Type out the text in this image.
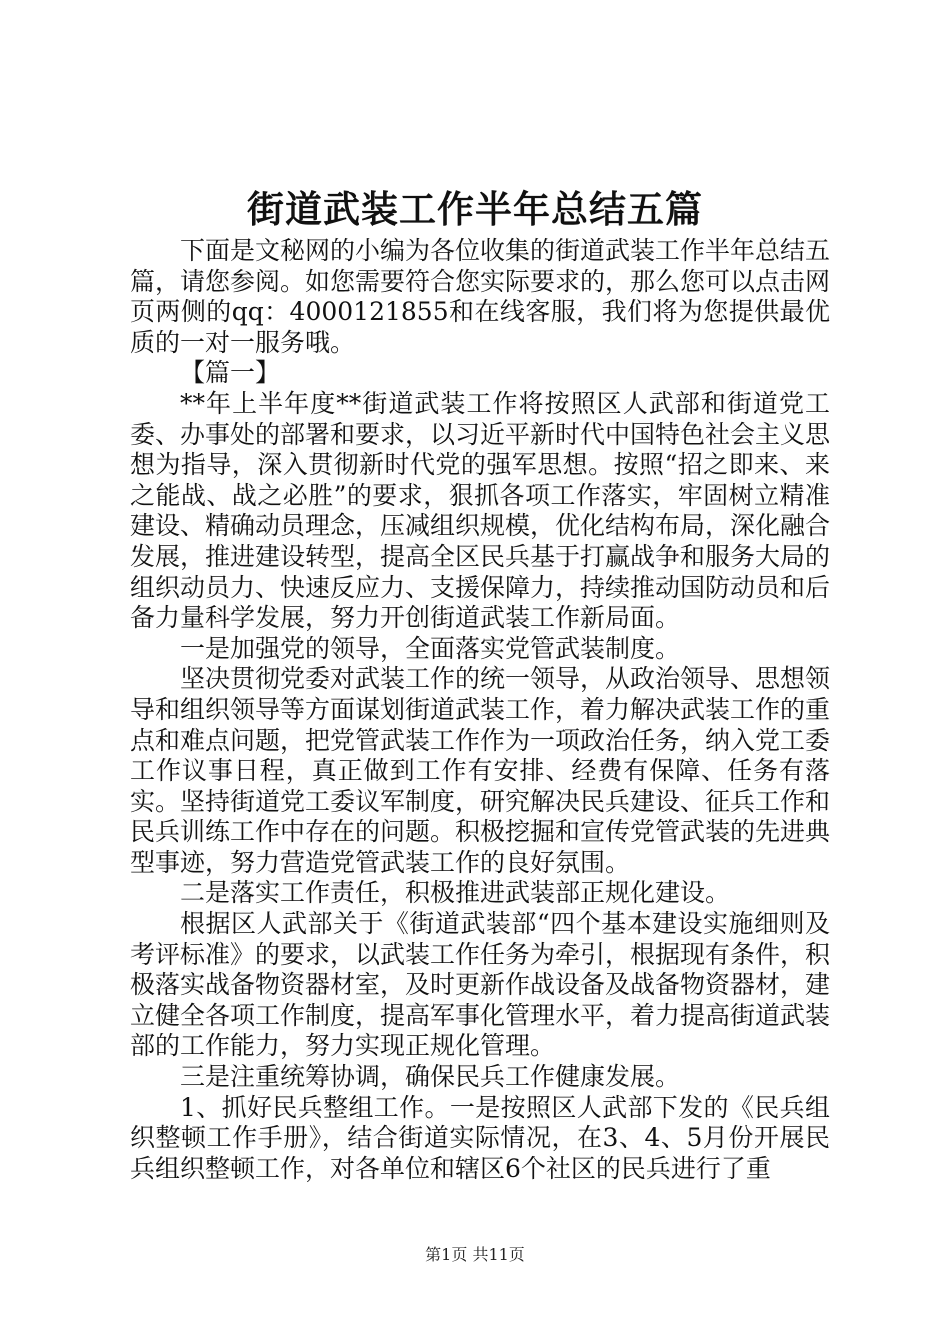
街道武装工作半年总结五篇

下面是文秘网的小编为各位收集的街道武装工作半年总结五篇，请您参阅。如您需要符合您实际要求的，那么您可以点击网页两侧的qq：4000121855和在线客服，我们将为您提供最优质的一对一服务哦。

【篇一】

**年上半年度**街道武装工作将按照区人武部和街道党工委、办事处的部署和要求，以习近平新时代中国特色社会主义思想为指导，深入贯彻新时代党的强军思想。按照“招之即来、来之能战、战之必胜”的要求，狠抓各项工作落实，牢固树立精准建设、精确动员理念，压减组织规模，优化结构布局，深化融合发展，推进建设转型，提高全区民兵基于打赢战争和服务大局的组织动员力、快速反应力、支援保障力，持续推动国防动员和后备力量科学发展，努力开创街道武装工作新局面。

一是加强党的领导，全面落实党管武装制度。

坚决贯彻党委对武装工作的统一领导，从政治领导、思想领导和组织领导等方面谋划街道武装工作，着力解决武装工作的重点和难点问题，把党管武装工作作为一项政治任务，纳入党工委工作议事日程，真正做到工作有安排、经费有保障、任务有落实。坚持街道党工委议军制度，研究解决民兵建设、征兵工作和民兵训练工作中存在的问题。积极挖掘和宣传党管武装的先进典型事迹，努力营造党管武装工作的良好氛围。

二是落实工作责任，积极推进武装部正规化建设。

根据区人武部关于《街道武装部“四个基本建设实施细则及考评标准》的要求，以武装工作任务为牵引，根据现有条件，积极落实战备物资器材室，及时更新作战设备及战备物资器材，建立健全各项工作制度，提高军事化管理水平，着力提高街道武装部的工作能力，努力实现正规化管理。

三是注重统筹协调，确保民兵工作健康发展。

1、抓好民兵整组工作。一是按照区人武部下发的《民兵组织整顿工作手册》，结合街道实际情况，在3、4、5月份开展民兵组织整顿工作，对各单位和辖区6个社区的民兵进行了重

第1页 共11页
